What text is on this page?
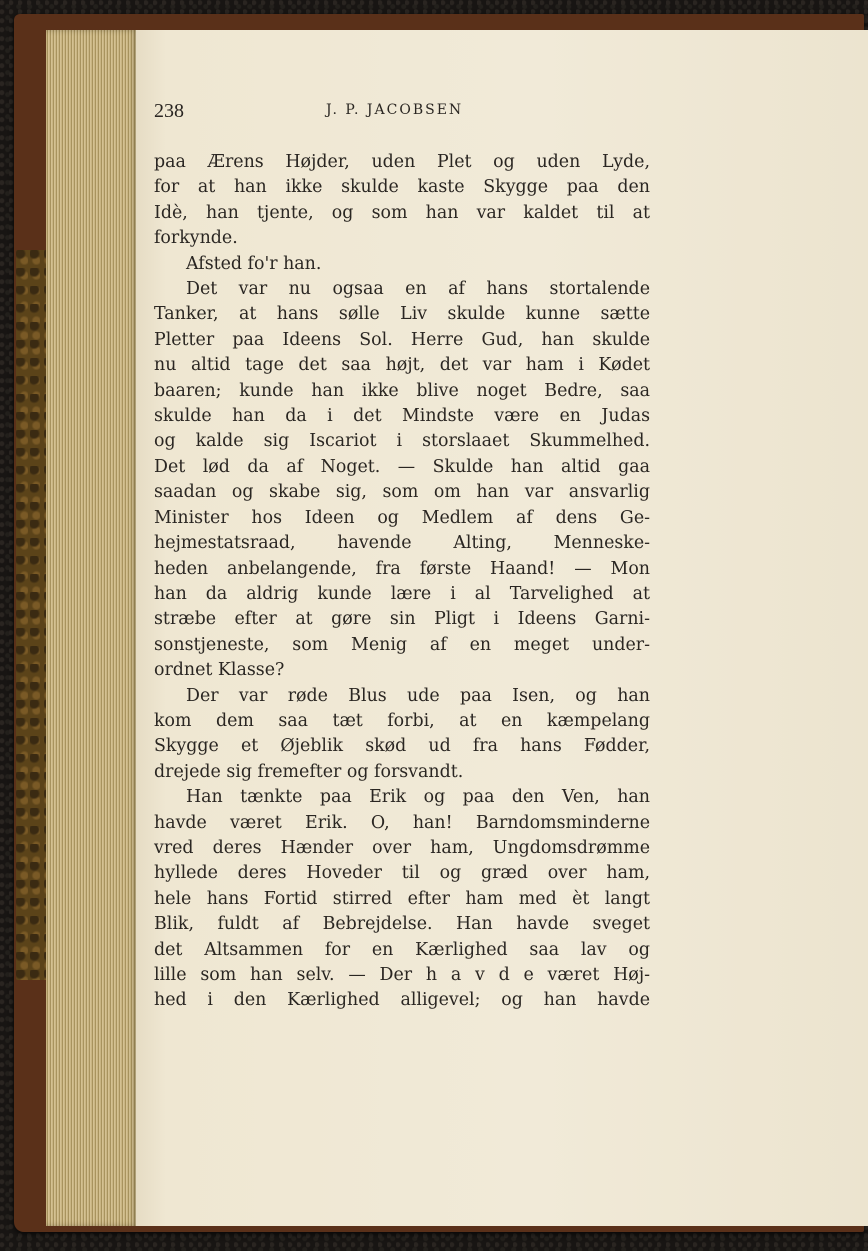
238	J. P. JACOBSEN
paa Ærens Højder, uden Plet og uden Lyde,
for at han ikke skulde kaste Skygge paa den
Idè, han tjente, og som han var kaldet til at
forkynde.
Afsted fo'r han.
Det var nu ogsaa en af hans stortalende
Tanker, at hans sølle Liv skulde kunne sætte
Pletter paa Ideens Sol. Herre Gud, han skulde
nu altid tage det saa højt, det var ham i Kødet
baaren; kunde han ikke blive noget Bedre, saa
skulde han da i det Mindste være en Judas
og kalde sig Iscariot i storslaaet Skummelhed.
Det lød da af Noget. — Skulde han altid gaa
saadan og skabe sig, som om han var ansvarlig
Minister hos Ideen og Medlem af dens Ge-
hejmestatsraad, havende Alting, Menneske-
heden anbelangende, fra første Haand! — Mon
han da aldrig kunde lære i al Tarvelighed at
stræbe efter at gøre sin Pligt i Ideens Garni-
sonstjeneste, som Menig af en meget under-
ordnet Klasse?
Der var røde Blus ude paa Isen, og han
kom dem saa tæt forbi, at en kæmpelang
Skygge et Øjeblik skød ud fra hans Fødder,
drejede sig fremefter og forsvandt.
Han tænkte paa Erik og paa den Ven, han
havde været Erik. O, han! Barndomsminderne
vred deres Hænder over ham, Ungdomsdrømme
hyllede deres Hoveder til og græd over ham,
hele hans Fortid stirred efter ham med èt langt
Blik, fuldt af Bebrejdelse. Han havde sveget
det Altsammen for en Kærlighed saa lav og
lille som han selv. — Der h a v d e været Høj-
hed i den Kærlighed alligevel; og han havde
